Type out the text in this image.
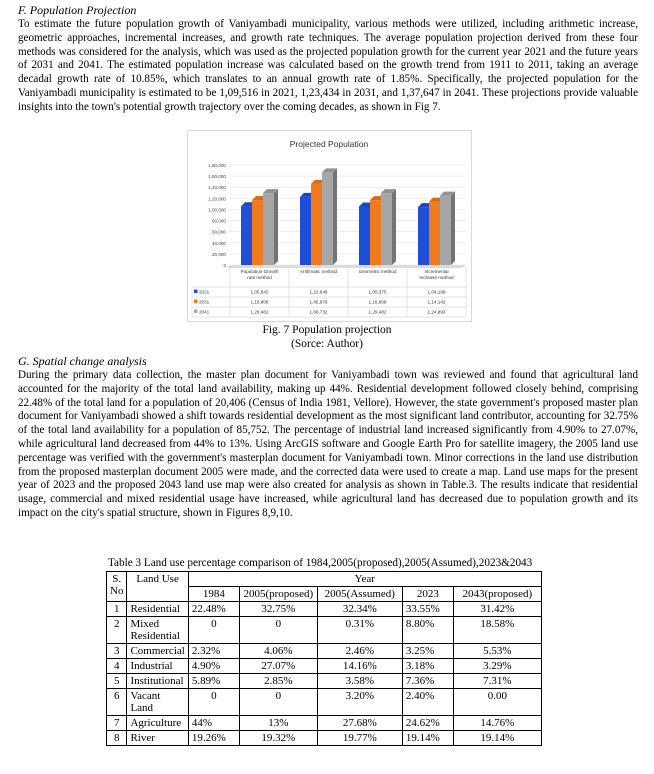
F. Population Projection

To estimate the future population growth of Vaniyambadi municipality, various methods were utilized, including arithmetic increase, geometric approaches, incremental increases, and growth rate techniques. The average population projection derived from these four methods was considered for the analysis, which was used as the projected population growth for the current year 2021 and the future years of 2031 and 2041. The estimated population increase was calculated based on the growth trend from 1911 to 2011, taking an average decadal growth rate of 10.85%, which translates to an annual growth rate of 1.85%. Specifically, the projected population for the Vaniyambadi municipality is estimated to be 1,09,516 in 2021, 1,23,434 in 2031, and 1,37,647 in 2041. These projections provide valuable insights into the town's potential growth trajectory over the coming decades, as shown in Fig 7.

Projected Population
0
20,000
40,000
60,000
80,000
1,00,000
1,20,000
1,40,000
1,60,000
1,80,000
Population Growth
rate method
Arithmatic method	Geometric method	Incremental
Increase method
2021	1,05,842	1,22,648	1,05,375	1,04,198
2031	1,16,808	1,45,979	1,16,808	1,14,142
2041	1,29,482	1,66,732	1,29,482	1,24,893
Fig. 7 Population projection
(Sorce: Author)
G. Spatial change analysis

During the primary data collection, the master plan document for Vaniyambadi town was reviewed and found that agricultural land accounted for the majority of the total land availability, making up 44%. Residential development followed closely behind, comprising 22.48% of the total land for a population of 20,406 (Census of India 1981, Vellore). However, the state government's proposed master plan document for Vaniyambadi showed a shift towards residential development as the most significant land contributor, accounting for 32.75% of the total land availability for a population of 85,752. The percentage of industrial land increased significantly from 4.90% to 27.07%, while agricultural land decreased from 44% to 13%. Using ArcGIS software and Google Earth Pro for satellite imagery, the 2005 land use percentage was verified with the government's masterplan document for Vaniyambadi town. Minor corrections in the land use distribution from the proposed masterplan document 2005 were made, and the corrected data were used to create a map. Land use maps for the present year of 2023 and the proposed 2043 land use map were also created for analysis as shown in Table.3. The results indicate that residential usage, commercial and mixed residential usage have increased, while agricultural land has decreased due to population growth and its impact on the city's spatial structure, shown in Figures 8,9,10.

Table 3 Land use percentage comparison of 1984,2005(proposed),2005(Assumed),2023&2043
S. No	Land Use	Year				
		1984	2005(proposed)	2005(Assumed)	2023	2043(proposed)
1	Residential	22.48%	32.75%	32.34%	33.55%	31.42%
2	Mixed Residential	0	0	0.31%	8.80%	18.58%
3	Commercial	2.32%	4.06%	2.46%	3.25%	5.53%
4	Industrial	4.90%	27.07%	14.16%	3.18%	3.29%
5	Institutional	5.89%	2.85%	3.58%	7.36%	7.31%
6	Vacant Land	0	0	3.20%	2.40%	0.00
7	Agriculture	44%	13%	27.68%	24.62%	14.76%
8	River	19.26%	19.32%	19.77%	19.14%	19.14%
